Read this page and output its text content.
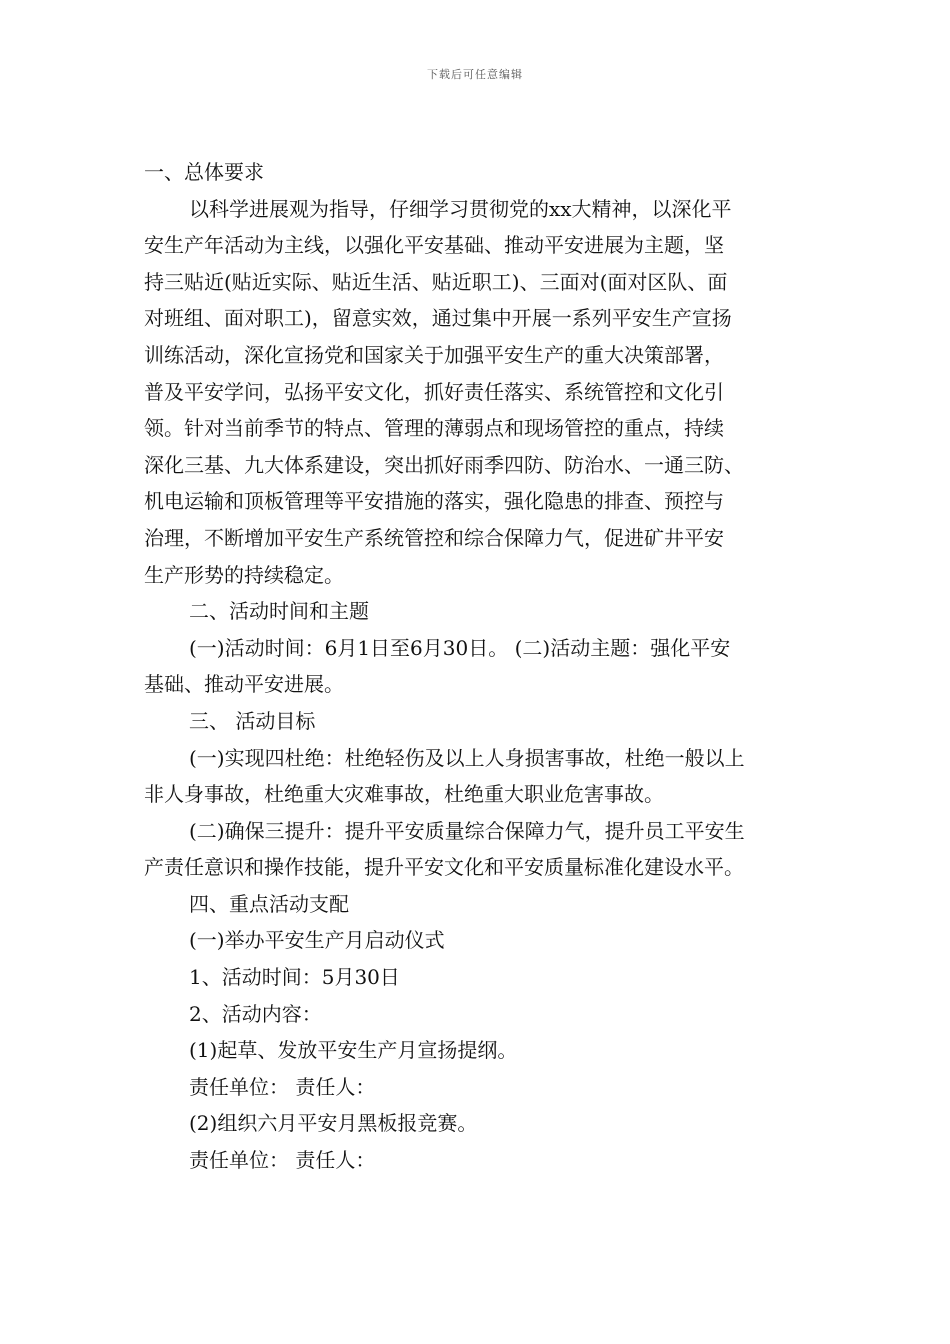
下载后可任意编辑
一、总体要求
以科学进展观为指导，仔细学习贯彻党的xx大精神，以深化平
安生产年活动为主线，以强化平安基础、推动平安进展为主题，坚
持三贴近(贴近实际、贴近生活、贴近职工)、三面对(面对区队、面
对班组、面对职工)，留意实效，通过集中开展一系列平安生产宣扬
训练活动，深化宣扬党和国家关于加强平安生产的重大决策部署，
普及平安学问，弘扬平安文化，抓好责任落实、系统管控和文化引
领。针对当前季节的特点、管理的薄弱点和现场管控的重点，持续
深化三基、九大体系建设，突出抓好雨季四防、防治水、一通三防、
机电运输和顶板管理等平安措施的落实，强化隐患的排查、预控与
治理，不断增加平安生产系统管控和综合保障力气，促进矿井平安
生产形势的持续稳定。
二、活动时间和主题
(一)活动时间：6月1日至6月30日。 (二)活动主题：强化平安
基础、推动平安进展。
三、 活动目标
(一)实现四杜绝：杜绝轻伤及以上人身损害事故，杜绝一般以上
非人身事故，杜绝重大灾难事故，杜绝重大职业危害事故。
(二)确保三提升：提升平安质量综合保障力气，提升员工平安生
产责任意识和操作技能，提升平安文化和平安质量标准化建设水平。
四、重点活动支配
(一)举办平安生产月启动仪式
1、活动时间：5月30日
2、活动内容：
(1)起草、发放平安生产月宣扬提纲。
责任单位： 责任人：
(2)组织六月平安月黑板报竞赛。
责任单位： 责任人：
